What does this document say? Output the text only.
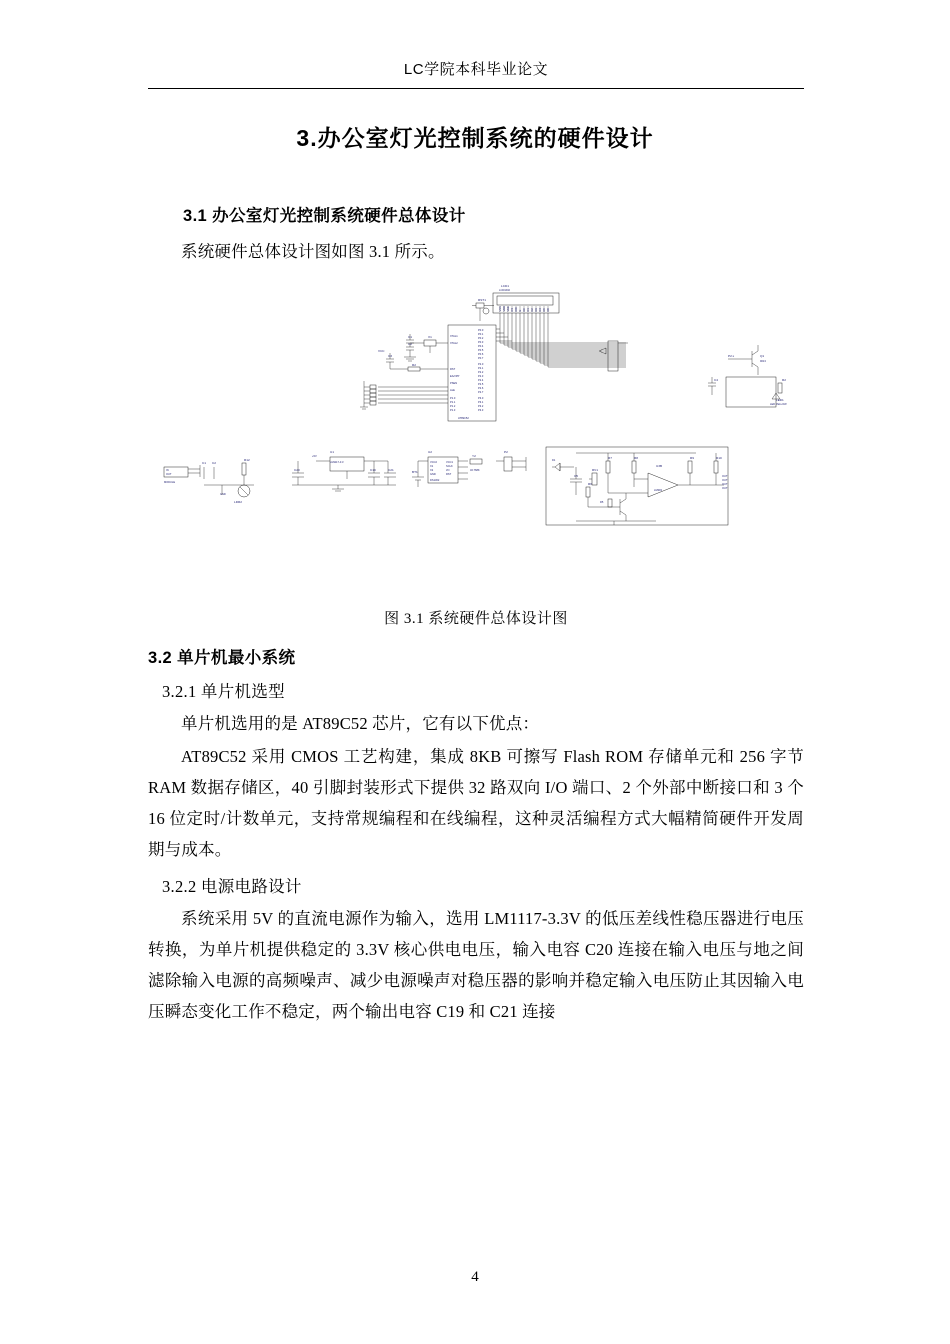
LC学院本科毕业论文
3.办公室灯光控制系统的硬件设计
3.1 办公室灯光控制系统硬件总体设计

系统硬件总体设计图如图 3.1 所示。

LCD1
LCD1602
VSS VDD VEE RS RW E D0 D1 D2 D3 D4 D5 D6
RST1
C1
C2
X1
C3
R2
VCC
AT89C52
XTAL1
XTAL2
RST
EA/VPP
PSEN
ALE
P0.0
P0.1
P0.2
P0.3
P0.4
P0.5
P0.6
P0.7
P2.0
P2.1
P2.2
P2.3
P2.4
P2.5
P2.6
P2.7
P1.0
P1.1
P1.2
P1.3
P3.0
P3.1
P3.2
P3.3
Q1
9013
P2.x
C4	R2
LED1
LED YELLOW
IN
OUT
MODULE
C1 C2
R12
LDR2
GND
U1
LM1117-3.3
+5V
C20	C19	C21
U2
DS1302
VCC2
X1
X2
GND
VCC1
SCLK
I/O
RST
Y2
32.768K
BT1
P2
D1
C5
R6
R7	R8
RV1
U3B
LM393
R9	R10
OUT
OUT
OUT
OUT
R5
图 3.1 系统硬件总体设计图
3.2 单片机最小系统
3.2.1 单片机选型

单片机选用的是 AT89C52 芯片，它有以下优点：

AT89C52 采用 CMOS 工艺构建，集成 8KB 可擦写 Flash ROM 存储单元和 256 字节 RAM 数据存储区，40 引脚封装形式下提供 32 路双向 I/O 端口、2 个外部中断接口和 3 个 16 位定时/计数单元，支持常规编程和在线编程，这种灵活编程方式大幅精简硬件开发周期与成本。

3.2.2 电源电路设计

系统采用 5V 的直流电源作为输入，选用 LM1117-3.3V 的低压差线性稳压器进行电压转换，为单片机提供稳定的 3.3V 核心供电电压，输入电容 C20 连接在输入电压与地之间滤除输入电源的高频噪声、减少电源噪声对稳压器的影响并稳定输入电压防止其因输入电压瞬态变化工作不稳定，两个输出电容 C19 和 C21 连接

4
